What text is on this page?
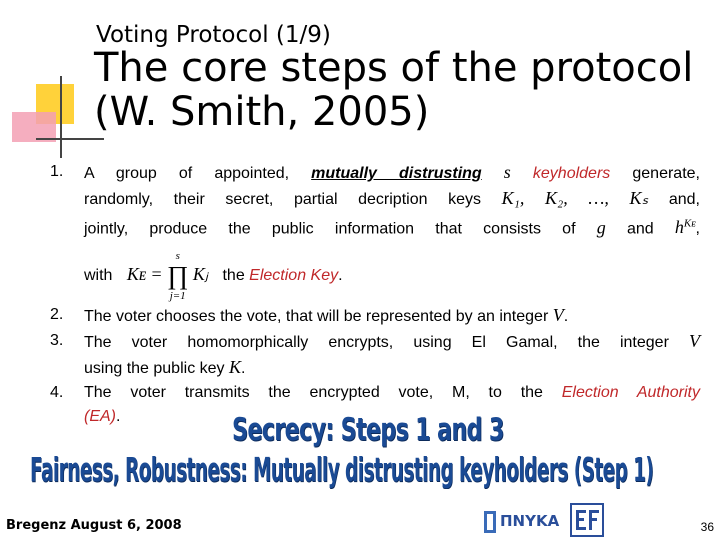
Voting Protocol (1/9)
The core steps of the protocol
(W. Smith, 2005)
1. A group of appointed, mutually distrusting s keyholders generate,
randomly, their secret, partial decription keys K₁, K₂, …, Kₛ and,
jointly, produce the public information that consists of g and $h^{Kᴇ}$,
with Kᴇ =
s
∏
j=1
Kⱼ the Election Key.
2. The voter chooses the vote, that will be represented by an integer V.
3. The voter homomorphically encrypts, using El Gamal, the integer V
using the public key K.
4. The voter transmits the encrypted vote, M, to the Election Authority
(EA).	Secrecy: Steps 1 and 3
Fairness, Robustness: Mutually distrusting keyholders (Step 1)
Bregenz August 6, 2008	ΠΝΥΚΑ	36
